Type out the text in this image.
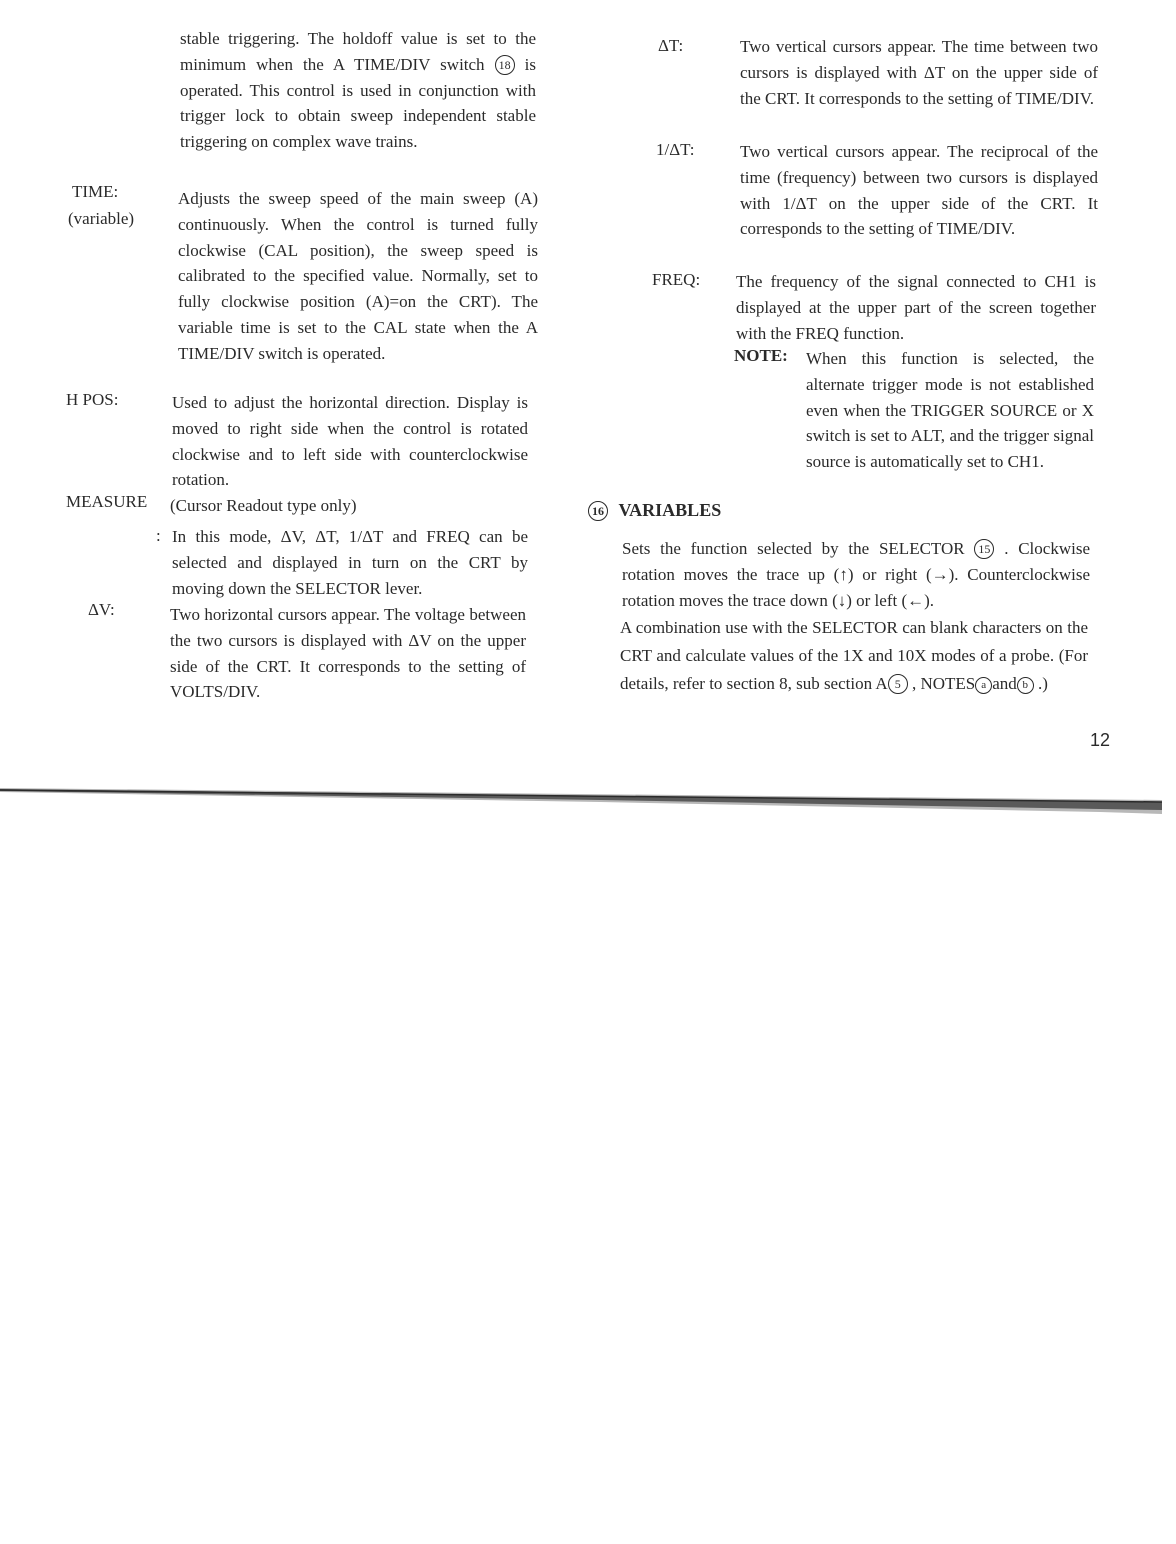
stable triggering. The holdoff value is set to the minimum when the A TIME/DIV switch 18 is operated. This control is used in conjunction with trigger lock to obtain sweep independent stable triggering on complex wave trains.
TIME:
(variable)
Adjusts the sweep speed of the main sweep (A) continuously. When the control is turned fully clockwise (CAL position), the sweep speed is calibrated to the specified value. Normally, set to fully clockwise position (A)=on the CRT). The variable time is set to the CAL state when the A TIME/DIV switch is operated.
H POS:	Used to adjust the horizontal direction. Display is moved to right side when the control is rotated clockwise and to left side with counterclockwise rotation.
MEASURE (Cursor Readout type only)
: In this mode, ΔV, ΔT, 1/ΔT and FREQ can be selected and displayed in turn on the CRT by moving down the SELECTOR lever.
ΔV:	Two horizontal cursors appear. The voltage between the two cursors is displayed with ΔV on the upper side of the CRT. It corresponds to the setting of VOLTS/DIV.
ΔT:	Two vertical cursors appear. The time between two cursors is displayed with ΔT on the upper side of the CRT. It corresponds to the setting of TIME/DIV.
1/ΔT:	Two vertical cursors appear. The reciprocal of the time (frequency) between two cursors is displayed with 1/ΔT on the upper side of the CRT. It corresponds to the setting of TIME/DIV.
FREQ: The frequency of the signal connected to CH1 is displayed at the upper part of the screen together with the FREQ function.
NOTE: When this function is selected, the alternate trigger mode is not established even when the TRIGGER SOURCE or X switch is set to ALT, and the trigger signal source is automatically set to CH1.
16 VARIABLES
Sets the function selected by the SELECTOR 15 . Clockwise rotation moves the trace up (↑) or right (→). Counterclockwise rotation moves the trace down (↓) or left (←).
A combination use with the SELECTOR can blank characters on the CRT and calculate values of the 1X and 10X modes of a probe. (For details, refer to section 8, sub section A 5 , NOTES a and b .)
12
